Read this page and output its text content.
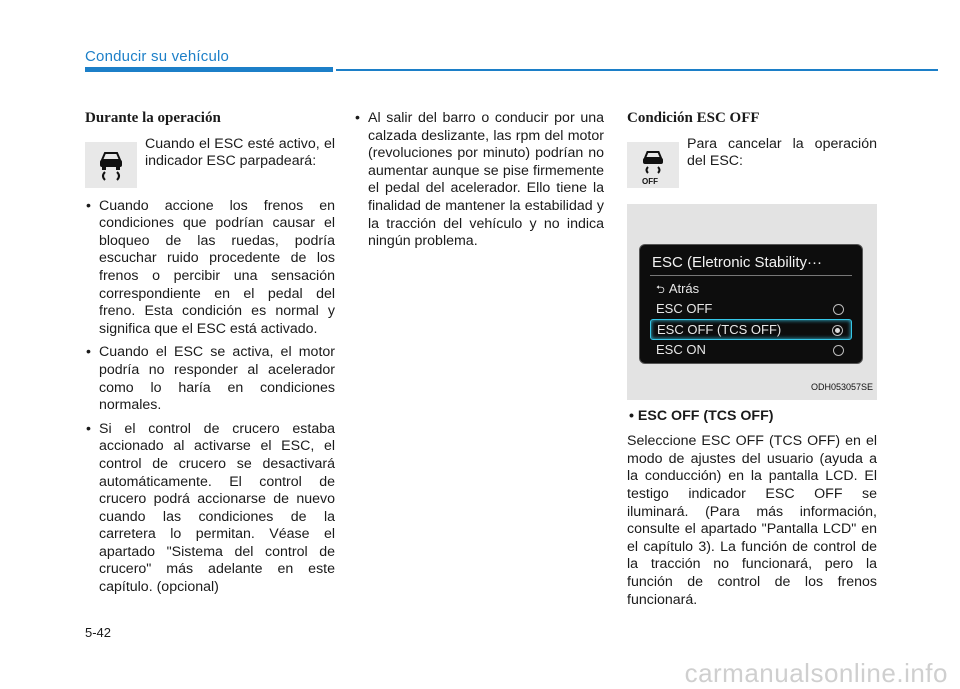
Conducir su vehículo
Durante la operación
Cuando el ESC esté activo, el indicador ESC parpadeará:
• Cuando accione los frenos en condiciones que podrían causar el bloqueo de las ruedas, podría escuchar ruido procedente de los frenos o percibir una sensación correspondiente en el pedal del freno. Esta condición es normal y significa que el ESC está activado.
• Cuando el ESC se activa, el motor podría no responder al acelerador como lo haría en condiciones normales.
• Si el control de crucero estaba accionado al activarse el ESC, el control de crucero se desactivará automáticamente. El control de crucero podrá accionarse de nuevo cuando las condiciones de la carretera lo permitan. Véase el apartado "Sistema del control de crucero" más adelante en este capítulo. (opcional)
• Al salir del barro o conducir por una calzada deslizante, las rpm del motor (revoluciones por minuto) podrían no aumentar aunque se pise firmemente el pedal del acelerador. Ello tiene la finalidad de mantener la estabilidad y la tracción del vehículo y no indica ningún problema.
Condición ESC OFF
OFF
Para cancelar la operación del ESC:
ESC (Eletronic Stability···
⮌ Atrás
ESC OFF
ESC OFF (TCS OFF)
ESC ON
ODH053057SE
• ESC OFF (TCS OFF)
Seleccione ESC OFF (TCS OFF) en el modo de ajustes del usuario (ayuda a la conducción) en la pantalla LCD. El testigo indicador ESC OFF se iluminará. (Para más información, consulte el apartado "Pantalla LCD" en el capítulo 3). La función de control de la tracción no funcionará, pero la función de control de los frenos funcionará.
5-42
carmanualsonline.info
